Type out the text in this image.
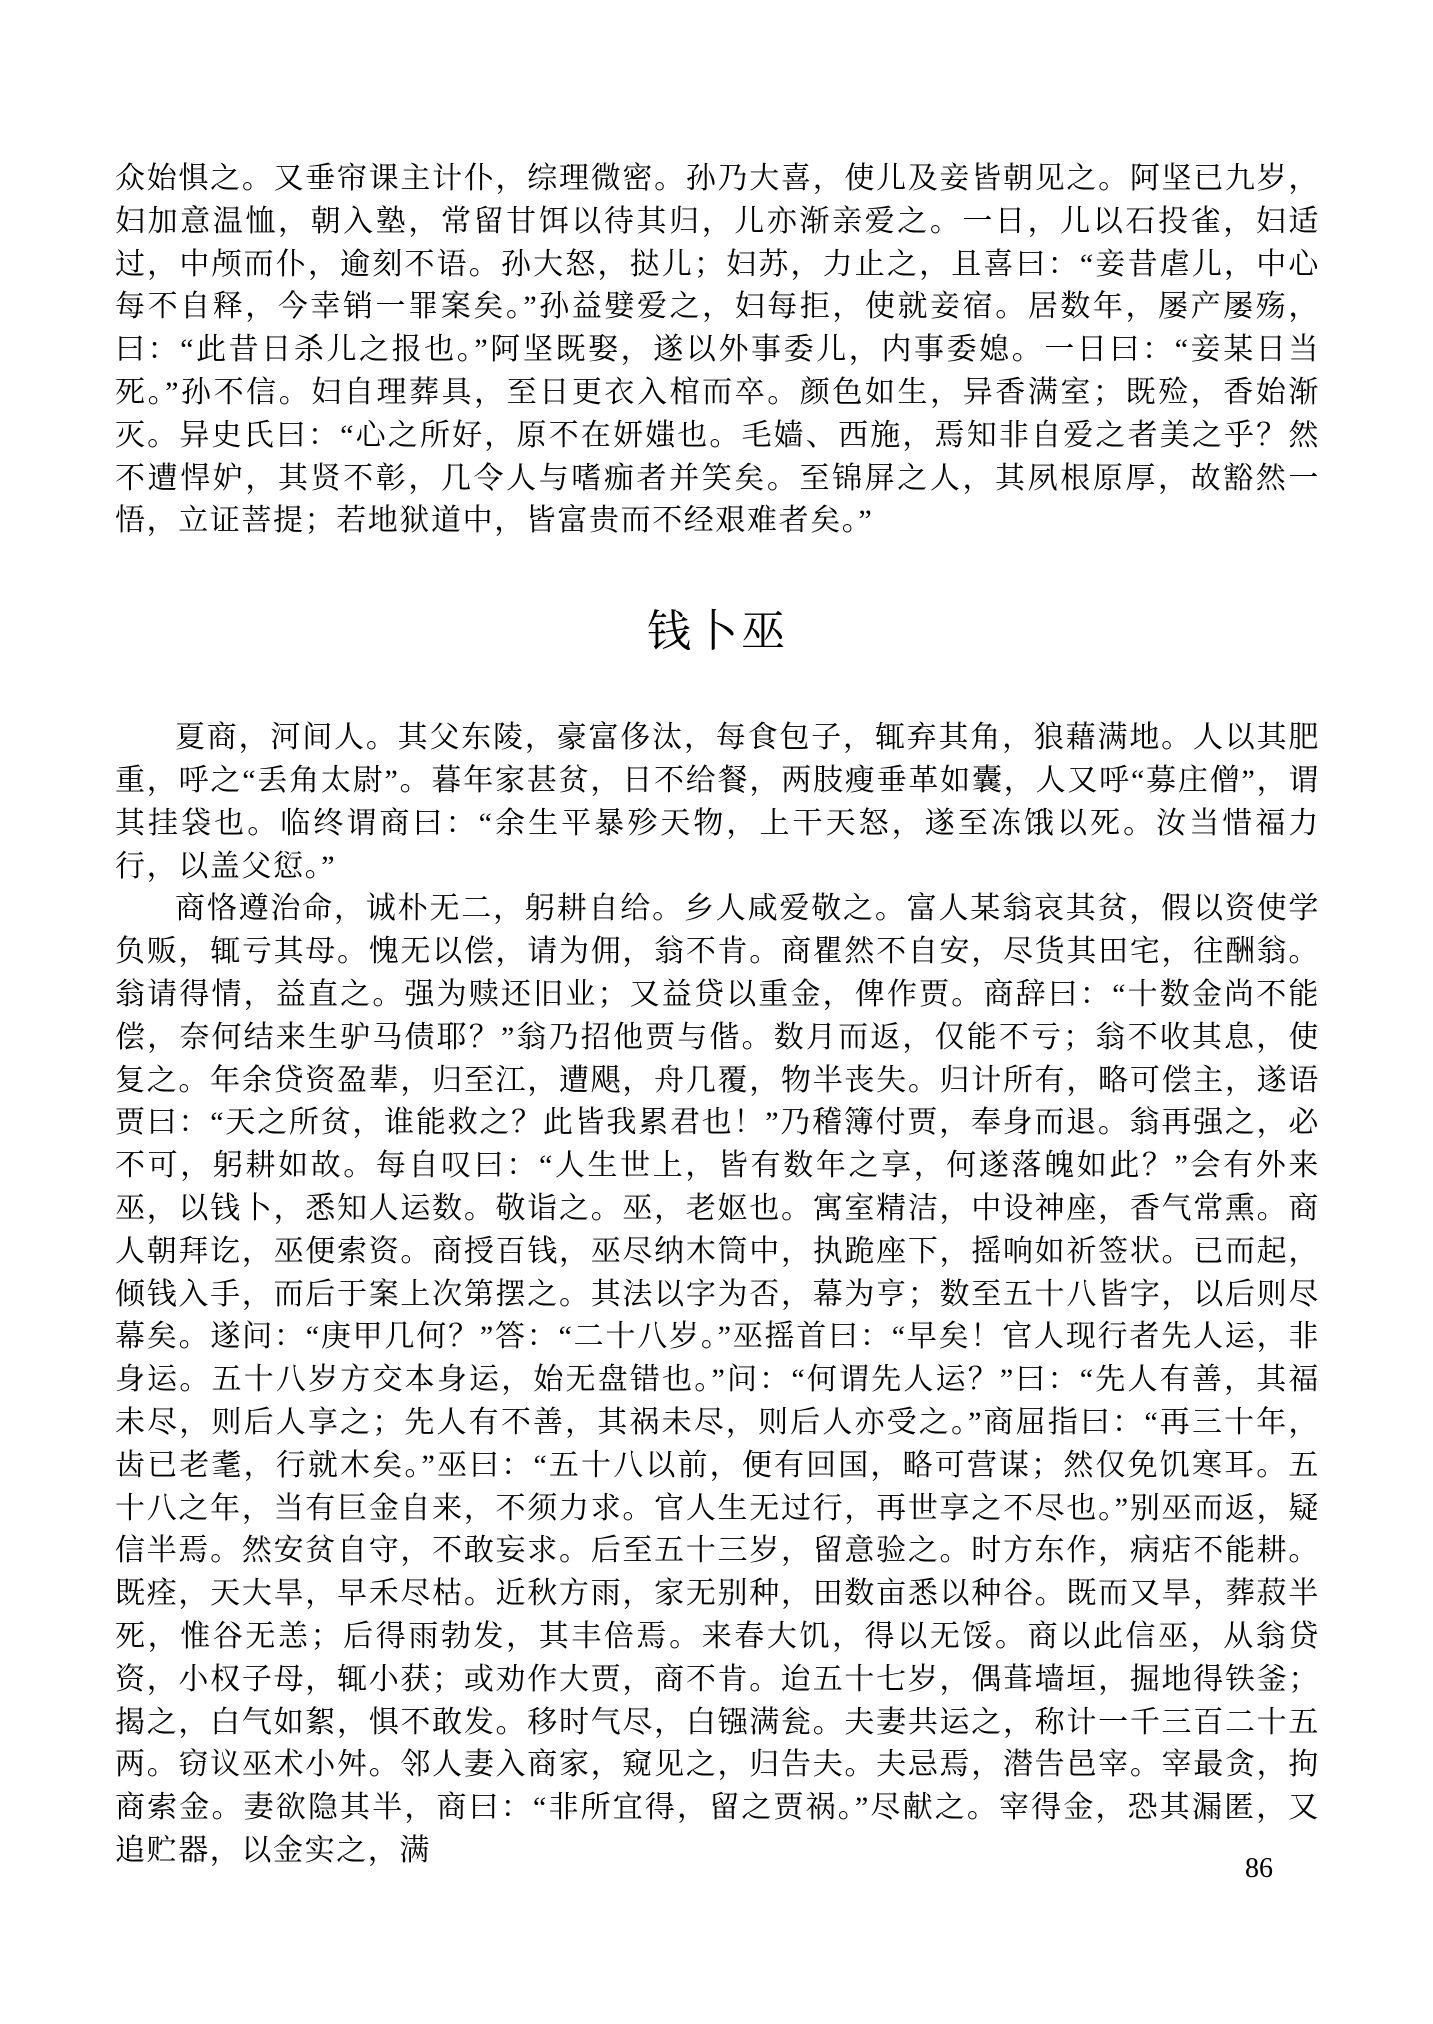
众始惧之。又垂帘课主计仆，综理微密。孙乃大喜，使儿及妾皆朝见之。阿坚已九岁，妇加意温恤，朝入塾，常留甘饵以待其归，儿亦渐亲爱之。一日，儿以石投雀，妇适过，中颅而仆，逾刻不语。孙大怒，挞儿；妇苏，力止之，且喜曰：“妾昔虐儿，中心每不自释，今幸销一罪案矣。”孙益嬖爱之，妇每拒，使就妾宿。居数年，屡产屡殇，曰：“此昔日杀儿之报也。”阿坚既娶，遂以外事委儿，内事委媳。一日曰：“妾某日当死。”孙不信。妇自理葬具，至日更衣入棺而卒。颜色如生，异香满室；既殓，香始渐灭。异史氏曰：“心之所好，原不在妍媸也。毛嫱、西施，焉知非自爱之者美之乎？然不遭悍妒，其贤不彰，几令人与嗜痂者并笑矣。至锦屏之人，其夙根原厚，故豁然一悟，立证菩提；若地狱道中，皆富贵而不经艰难者矣。”

钱卜巫

夏商，河间人。其父东陵，豪富侈汰，每食包子，辄弃其角，狼藉满地。人以其肥重，呼之“丢角太尉”。暮年家甚贫，日不给餐，两肢瘦垂革如囊，人又呼“募庄僧”，谓其挂袋也。临终谓商曰：“余生平暴殄天物，上干天怒，遂至冻饿以死。汝当惜福力行，以盖父愆。”

商恪遵治命，诚朴无二，躬耕自给。乡人咸爱敬之。富人某翁哀其贫，假以资使学负贩，辄亏其母。愧无以偿，请为佣，翁不肯。商瞿然不自安，尽货其田宅，往酬翁。翁请得情，益直之。强为赎还旧业；又益贷以重金，俾作贾。商辞曰：“十数金尚不能偿，奈何结来生驴马债耶？”翁乃招他贾与偕。数月而返，仅能不亏；翁不收其息，使复之。年余贷资盈辈，归至江，遭飓，舟几覆，物半丧失。归计所有，略可偿主，遂语贾曰：“天之所贫，谁能救之？此皆我累君也！”乃稽簿付贾，奉身而退。翁再强之，必不可，躬耕如故。每自叹曰：“人生世上，皆有数年之享，何遂落魄如此？”会有外来巫，以钱卜，悉知人运数。敬诣之。巫，老妪也。寓室精洁，中设神座，香气常熏。商人朝拜讫，巫便索资。商授百钱，巫尽纳木筒中，执跪座下，摇响如祈签状。已而起，倾钱入手，而后于案上次第摆之。其法以字为否，幕为亨；数至五十八皆字，以后则尽幕矣。遂问：“庚甲几何？”答：“二十八岁。”巫摇首曰：“早矣！官人现行者先人运，非身运。五十八岁方交本身运，始无盘错也。”问：“何谓先人运？”曰：“先人有善，其福未尽，则后人享之；先人有不善，其祸未尽，则后人亦受之。”商屈指曰：“再三十年，齿已老耄，行就木矣。”巫曰：“五十八以前，便有回国，略可营谋；然仅免饥寒耳。五十八之年，当有巨金自来，不须力求。官人生无过行，再世享之不尽也。”别巫而返，疑信半焉。然安贫自守，不敢妄求。后至五十三岁，留意验之。时方东作，病痁不能耕。既痊，天大旱，早禾尽枯。近秋方雨，家无别种，田数亩悉以种谷。既而又旱，葬菽半死，惟谷无恙；后得雨勃发，其丰倍焉。来春大饥，得以无馁。商以此信巫，从翁贷资，小权子母，辄小获；或劝作大贾，商不肯。迨五十七岁，偶葺墙垣，掘地得铁釜；揭之，白气如絮，惧不敢发。移时气尽，白镪满瓮。夫妻共运之，称计一千三百二十五两。窃议巫术小舛。邻人妻入商家，窥见之，归告夫。夫忌焉，潜告邑宰。宰最贪，拘商索金。妻欲隐其半，商曰：“非所宜得，留之贾祸。”尽献之。宰得金，恐其漏匿，又追贮器，以金实之，满

86
